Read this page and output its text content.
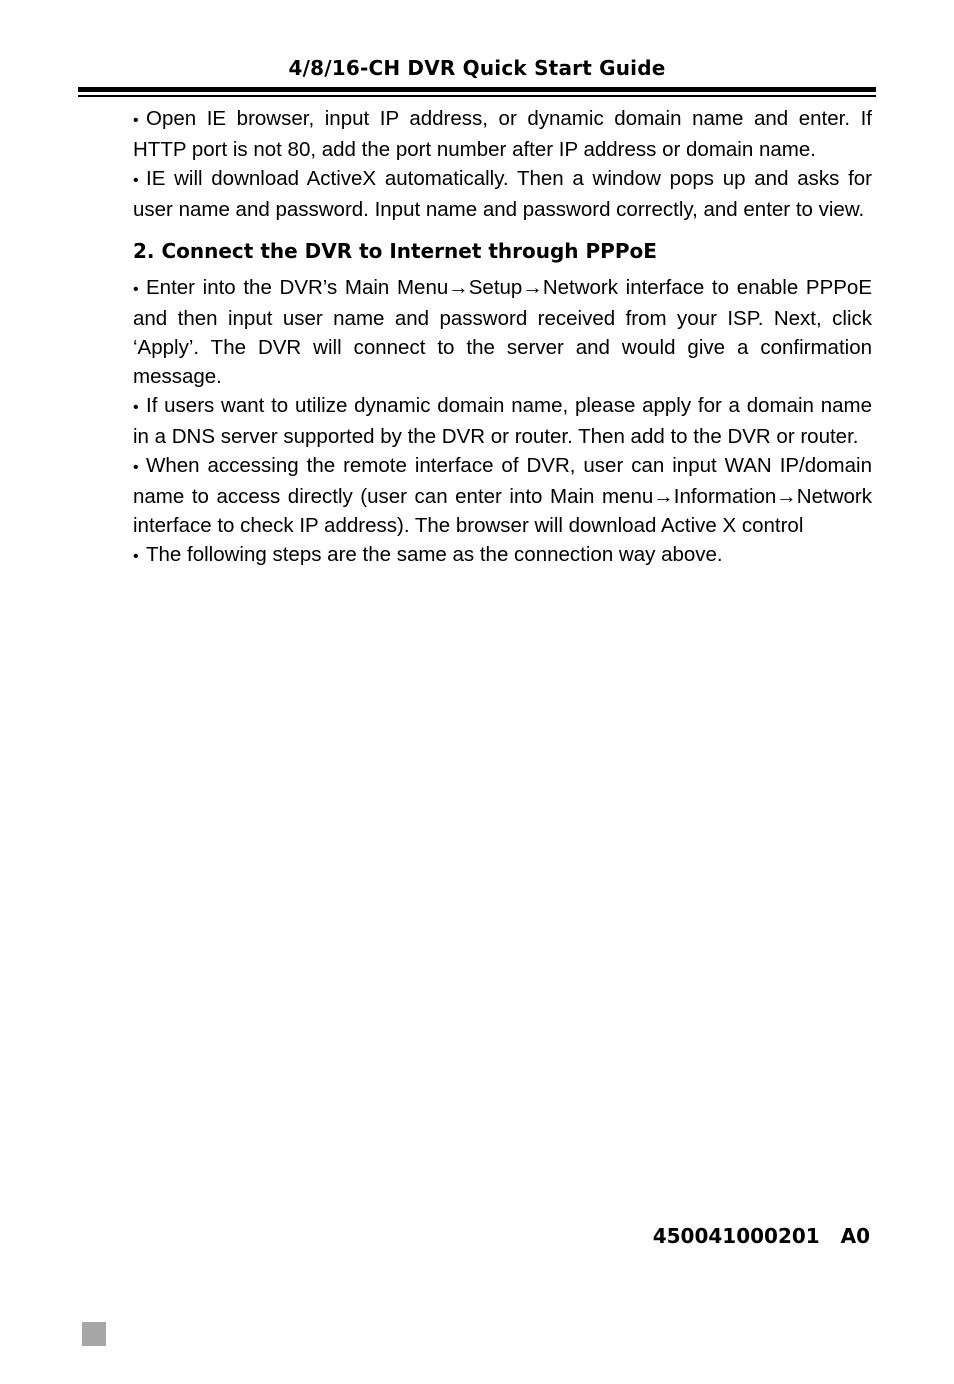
4/8/16-CH DVR Quick Start Guide

• Open IE browser, input IP address, or dynamic domain name and enter. If HTTP port is not 80, add the port number after IP address or domain name.

• IE will download ActiveX automatically. Then a window pops up and asks for user name and password. Input name and password correctly, and enter to view.

2. Connect the DVR to Internet through PPPoE

• Enter into the DVR’s Main Menu→Setup→Network interface to enable PPPoE and then input user name and password received from your ISP. Next, click ‘Apply’. The DVR will connect to the server and would give a confirmation message.

• If users want to utilize dynamic domain name, please apply for a domain name in a DNS server supported by the DVR or router. Then add to the DVR or router.

• When accessing the remote interface of DVR, user can input WAN IP/domain name to access directly (user can enter into Main menu→Information→Network interface to check IP address). The browser will download Active X control

• The following steps are the same as the connection way above.

450041000201   A0
